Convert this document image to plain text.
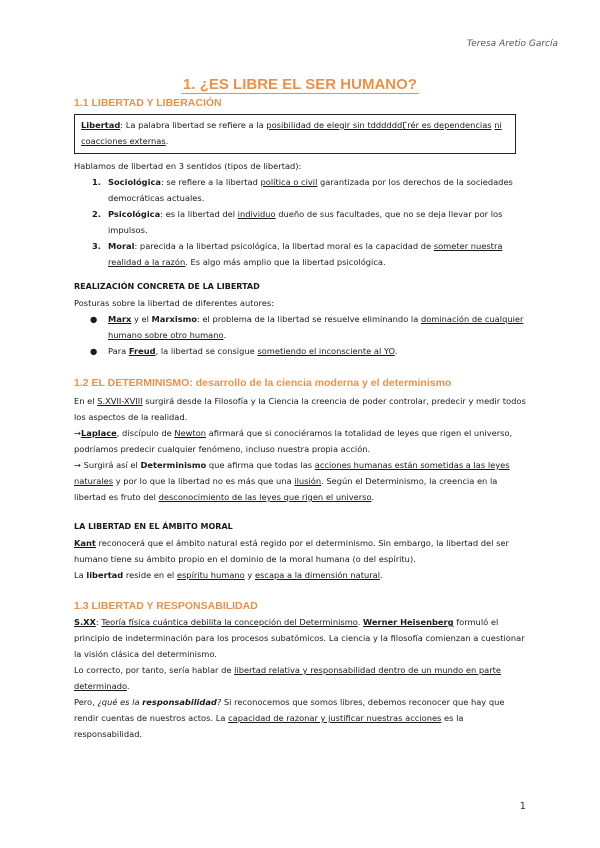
Teresa Aretio García
1. ¿ES LIBRE EL SER HUMANO?
1.1 LIBERTAD Y LIBERACIÓN
Libertad: La palabra libertad se refiere a la posibilidad de elegir sin tddddddӶrér es dependencias ni coacciones externas.
Hablamos de libertad en 3 sentidos (tipos de libertad):
1. Sociológica: se refiere a la libertad política o civil garantizada por los derechos de la sociedades democráticas actuales.
2. Psicológica: es la libertad del individuo dueño de sus facultades, que no se deja llevar por los impulsos.
3. Moral: parecida a la libertad psicológica, la libertad moral es la capacidad de someter nuestra realidad a la razón. Es algo más amplio que la libertad psicológica.
REALIZACIÓN CONCRETA DE LA LIBERTAD
Posturas sobre la libertad de diferentes autores:
● Marx y el Marxismo: el problema de la libertad se resuelve eliminando la dominación de cualquier humano sobre otro humano.
● Para Freud, la libertad se consigue sometiendo el inconsciente al YO.
1.2 EL DETERMINISMO: desarrollo de la ciencia moderna y el determinismo
En el S.XVII-XVIII surgirá desde la Filosofía y la Ciencia la creencia de poder controlar, predecir y medir todos los aspectos de la realidad.
→Laplace, discípulo de Newton afirmará que si conociéramos la totalidad de leyes que rigen el universo, podríamos predecir cualquier fenómeno, incluso nuestra propia acción.
→ Surgirá así el Determinismo que afirma que todas las acciones humanas están sometidas a las leyes naturales y por lo que la libertad no es más que una ilusión. Según el Determinismo, la creencia en la libertad es fruto del desconocimiento de las leyes que rigen el universo.
LA LIBERTAD EN EL ÁMBITO MORAL
Kant reconocerá que el ámbito natural está regido por el determinismo. Sin embargo, la libertad del ser humano tiene su ámbito propio en el dominio de la moral humana (o del espíritu).
La libertad reside en el espíritu humano y escapa a la dimensión natural.
1.3 LIBERTAD Y RESPONSABILIDAD
S.XX: Teoría física cuántica debilita la concepción del Determinismo. Werner Heisenberg formuló el principio de indeterminación para los procesos subatómicos. La ciencia y la filosofía comienzan a cuestionar la visión clásica del determinismo.
Lo correcto, por tanto, sería hablar de libertad relativa y responsabilidad dentro de un mundo en parte determinado.
Pero, ¿qué es la responsabilidad? Si reconocemos que somos libres, debemos reconocer que hay que rendir cuentas de nuestros actos. La capacidad de razonar y justificar nuestras acciones es la responsabilidad.
1
